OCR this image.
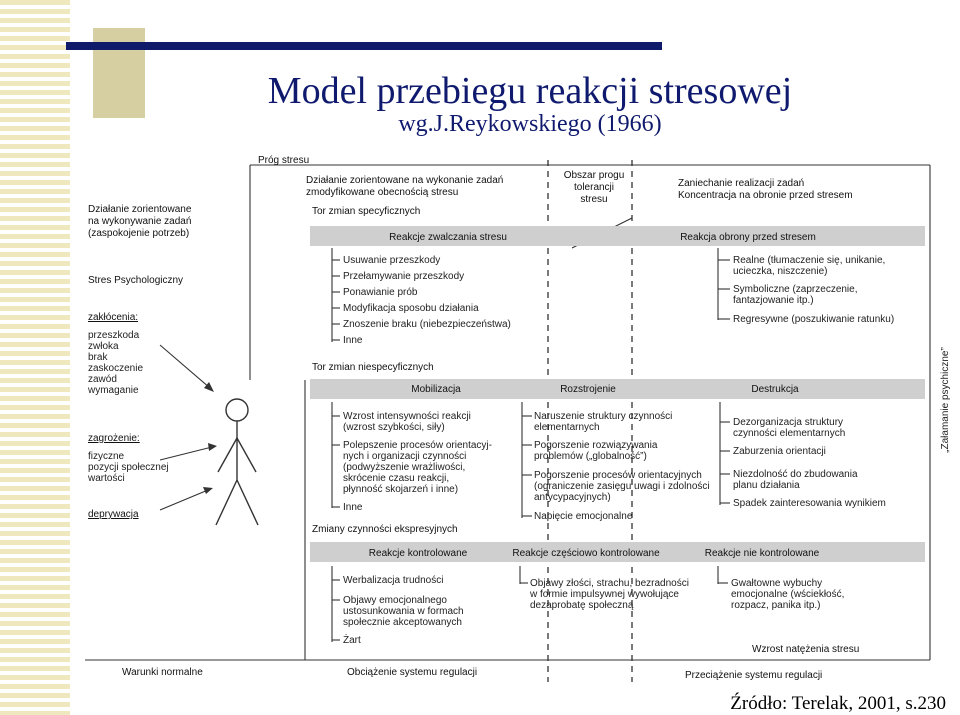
Model przebiegu reakcji stresowej
wg.J.Reykowskiego (1966)
Próg stresu
Działanie zorientowane
na wykonywanie zadań
(zaspokojenie potrzeb)
Stres Psychologiczny
zakłócenia:
przeszkoda
zwłoka
brak
zaskoczenie
zawód
wymaganie
zagrożenie:
fizyczne
pozycji społecznej
wartości
deprywacja
Działanie zorientowane na wykonanie zadań
zmodyfikowane obecnością stresu
Obszar progu
tolerancji
stresu
Zaniechanie realizacji zadań
Koncentracja na obronie przed stresem
Tor zmian specyficznych
Reakcje zwalczania stresu	Reakcja obrony przed stresem
Usuwanie przeszkody
Przełamywanie przeszkody
Ponawianie prób
Modyfikacja sposobu działania
Znoszenie braku (niebezpieczeństwa)
Inne
Realne (tłumaczenie się, unikanie,
ucieczka, niszczenie)
Symboliczne (zaprzeczenie,
fantazjowanie itp.)
Regresywne (poszukiwanie ratunku)
Tor zmian niespecyficznych
Mobilizacja	Rozstrojenie	Destrukcja
Wzrost intensywności reakcji
(wzrost szybkości, siły)
Polepszenie procesów orientacyj-
nych i organizacji czynności
(podwyższenie wrażliwości,
skrócenie czasu reakcji,
płynność skojarzeń i inne)
Inne
Naruszenie struktury czynności
elementarnych
Pogorszenie rozwiązywania
problemów („globalność”)
Pogorszenie procesów orientacyjnych
(ograniczenie zasięgu uwagi i zdolności
antycypacyjnych)
Napięcie emocjonalne
Dezorganizacja struktury
czynności elementarnych
Zaburzenia orientacji
Niezdolność do zbudowania
planu działania
Spadek zainteresowania wynikiem
„Załamanie psychiczne”
Zmiany czynności ekspresyjnych
Reakcje kontrolowane	Reakcje częściowo kontrolowane	Reakcje nie kontrolowane
Werbalizacja trudności
Objawy emocjonalnego
ustosunkowania w formach
społecznie akceptowanych
Żart
Objawy złości, strachu, bezradności
w formie impulsywnej wywołujące
dezaprobatę społeczną
Gwałtowne wybuchy
emocjonalne (wściekłość,
rozpacz, panika itp.)
Wzrost natężenia stresu
Warunki normalne	Obciążenie systemu regulacji	Przeciążenie systemu regulacji
Źródło: Terelak, 2001, s.230
